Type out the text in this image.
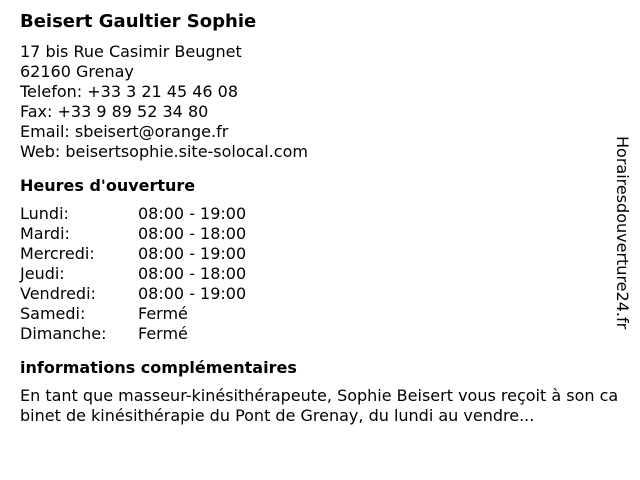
Beisert Gaultier Sophie
17 bis Rue Casimir Beugnet
62160 Grenay
Telefon: +33 3 21 45 46 08
Fax: +33 9 89 52 34 80
Email: sbeisert@orange.fr
Web: beisertsophie.site-solocal.com
Heures d'ouverture
Lundi:	08:00 - 19:00
Mardi:	08:00 - 18:00
Mercredi:	08:00 - 19:00
Jeudi:	08:00 - 18:00
Vendredi:	08:00 - 19:00
Samedi:	Fermé
Dimanche:	Fermé
informations complémentaires
En tant que masseur-kinésithérapeute, Sophie Beisert vous reçoit à son cabinet de kinésithérapie du Pont de Grenay, du lundi au vendre...
Horairesdouverture24.fr
